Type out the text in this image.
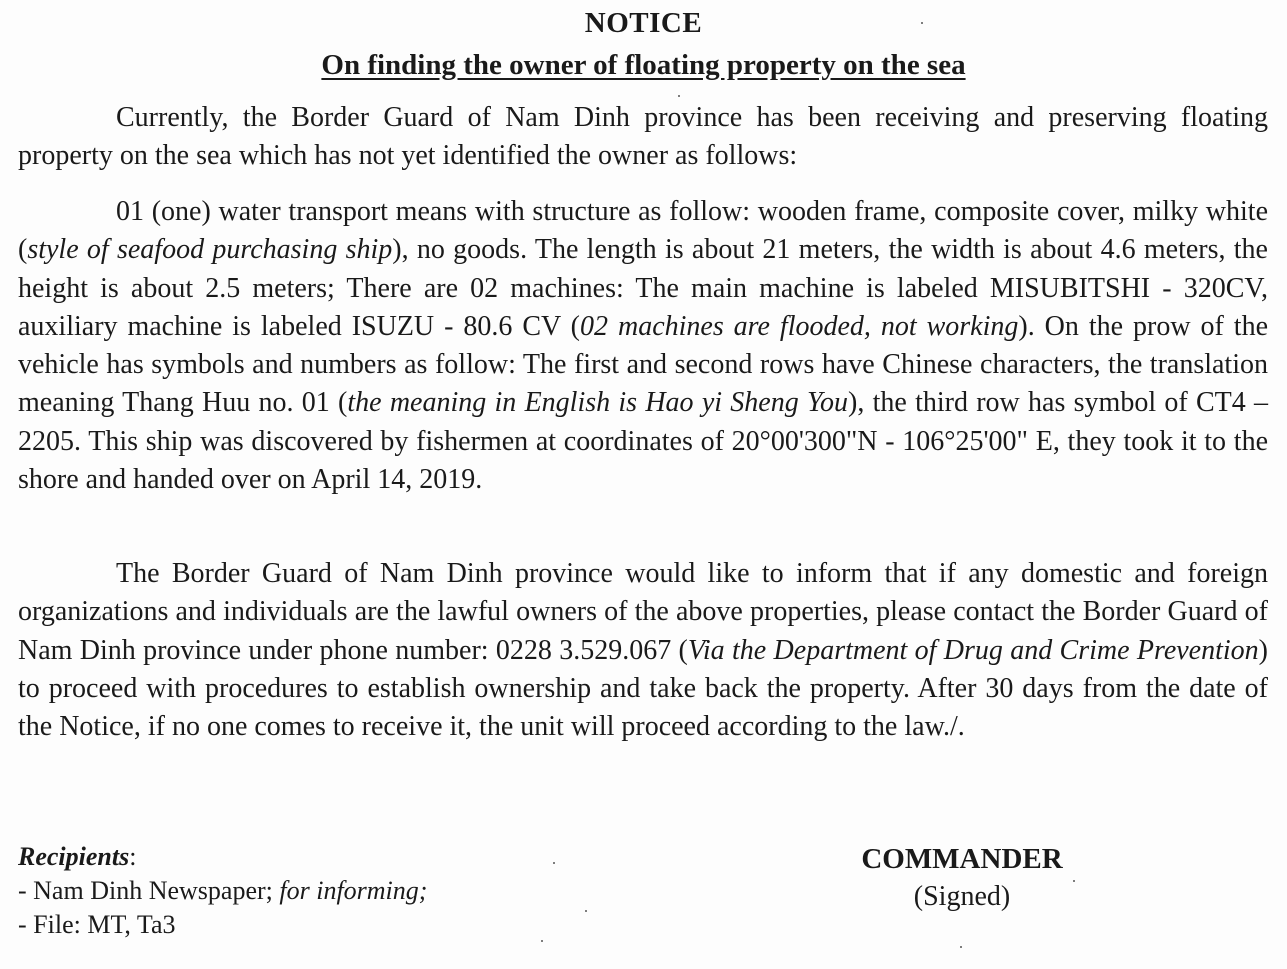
NOTICE
On finding the owner of floating property on the sea

Currently, the Border Guard of Nam Dinh province has been receiving and preserving floating property on the sea which has not yet identified the owner as follows:

01 (one) water transport means with structure as follow: wooden frame, composite cover, milky white (style of seafood purchasing ship), no goods. The length is about 21 meters, the width is about 4.6 meters, the height is about 2.5 meters; There are 02 machines: The main machine is labeled MISUBITSHI - 320CV, auxiliary machine is labeled ISUZU - 80.6 CV (02 machines are flooded, not working). On the prow of the vehicle has symbols and numbers as follow: The first and second rows have Chinese characters, the translation meaning Thang Huu no. 01 (the meaning in English is Hao yi Sheng You), the third row has symbol of CT4 – 2205. This ship was discovered by fishermen at coordinates of 20°00'300"N - 106°25'00" E, they took it to the shore and handed over on April 14, 2019.

The Border Guard of Nam Dinh province would like to inform that if any domestic and foreign organizations and individuals are the lawful owners of the above properties, please contact the Border Guard of Nam Dinh province under phone number: 0228 3.529.067 (Via the Department of Drug and Crime Prevention) to proceed with procedures to establish ownership and take back the property. After 30 days from the date of the Notice, if no one comes to receive it, the unit will proceed according to the law./.

Recipients:
- Nam Dinh Newspaper; for informing;
- File: MT, Ta3
COMMANDER
(Signed)
